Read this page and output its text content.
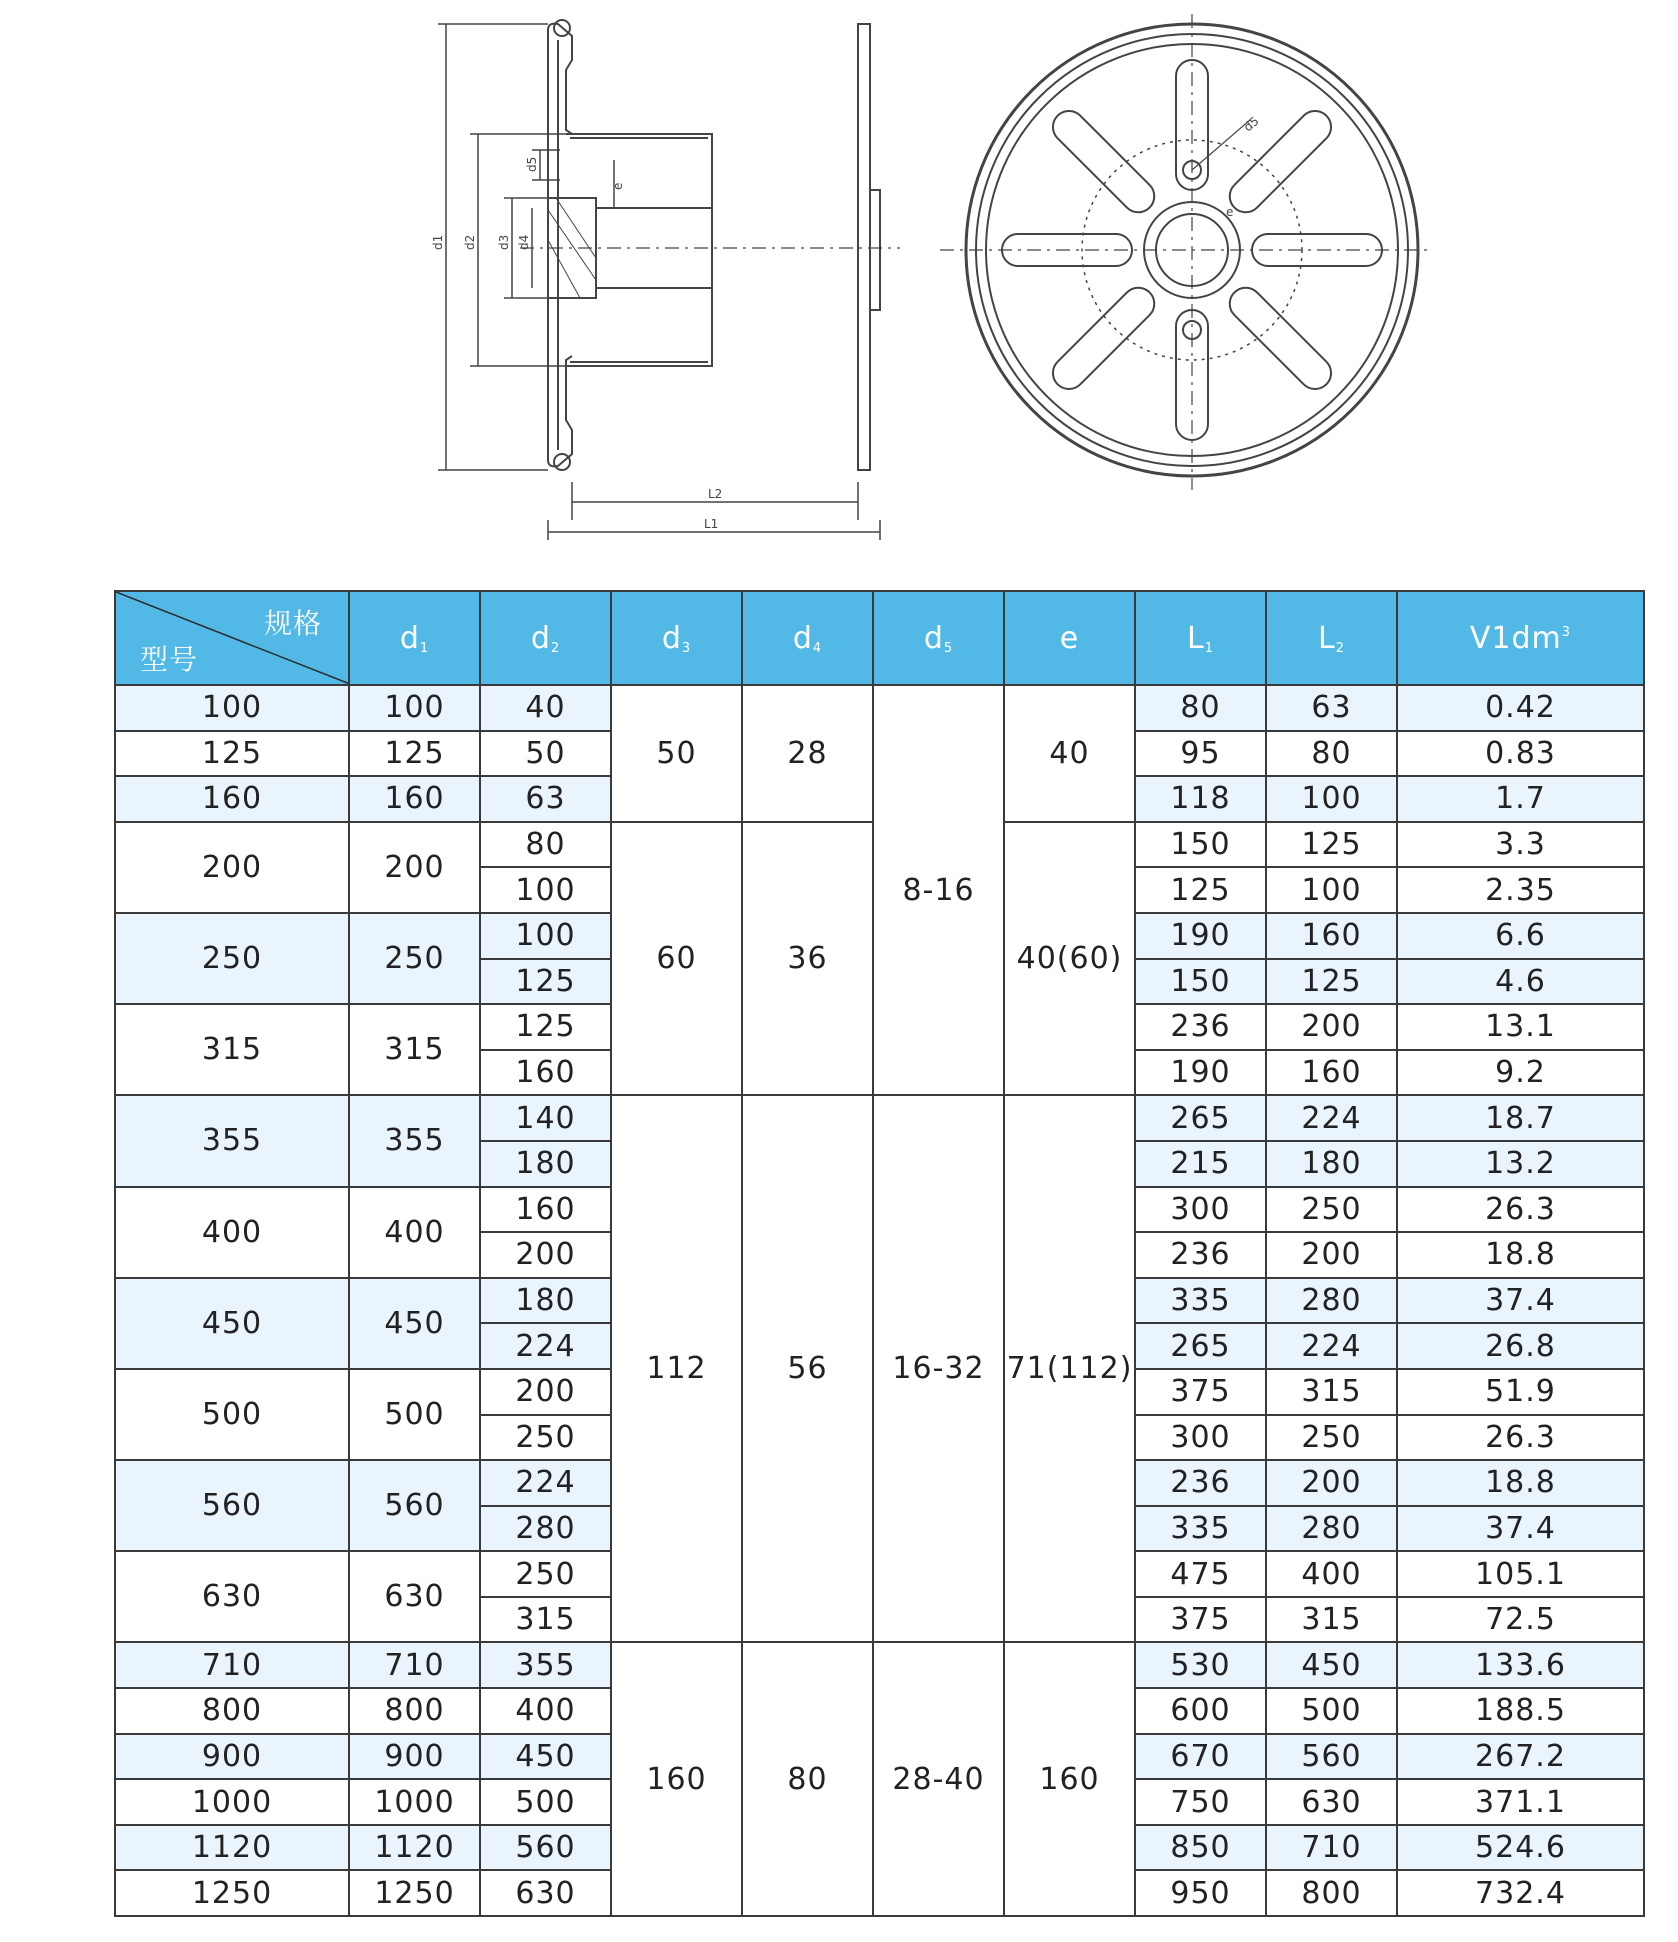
d1 d2 d3 d4
d5
e
L2
L1
d5
e
规格
型号	$d_1$	$d_2$	$d_3$	$d_4$	$d_5$	e	$L_1$	$L_2$	$V1dm^3$
100	100	40	50	28	8-16	40	80	63	0.42
125	125	50					95	80	0.83
160	160	63					118	100	1.7
200	200	80	60	36		40(60)	150	125	3.3
		100					125	100	2.35
250	250	100					190	160	6.6
		125					150	125	4.6
315	315	125					236	200	13.1
		160					190	160	9.2
355	355	140	112	56	16-32	71(112)	265	224	18.7
		180					215	180	13.2
400	400	160					300	250	26.3
		200					236	200	18.8
450	450	180					335	280	37.4
		224					265	224	26.8
500	500	200					375	315	51.9
		250					300	250	26.3
560	560	224					236	200	18.8
		280					335	280	37.4
630	630	250					475	400	105.1
		315					375	315	72.5
710	710	355	160	80	28-40	160	530	450	133.6
800	800	400					600	500	188.5
900	900	450					670	560	267.2
1000	1000	500					750	630	371.1
1120	1120	560					850	710	524.6
1250	1250	630					950	800	732.4
